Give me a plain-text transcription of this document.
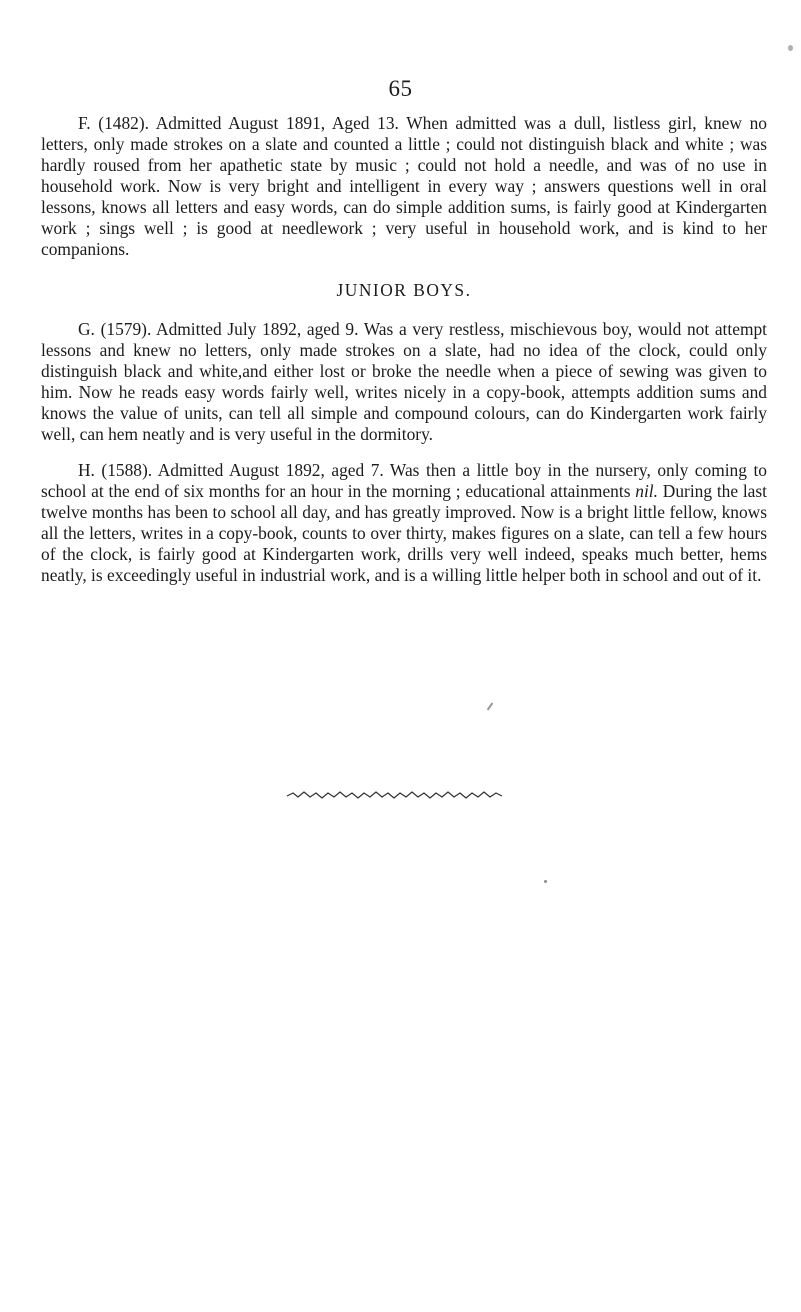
65

F. (1482). Admitted August 1891, Aged 13. When admitted was a dull, listless girl, knew no letters, only made strokes on a slate and counted a little ; could not distinguish black and white ; was hardly roused from her apathetic state by music ; could not hold a needle, and was of no use in household work. Now is very bright and intelligent in every way ; answers questions well in oral lessons, knows all letters and easy words, can do simple addition sums, is fairly good at Kindergarten work ; sings well ; is good at needlework ; very useful in household work, and is kind to her companions.

JUNIOR BOYS.

G. (1579). Admitted July 1892, aged 9. Was a very restless, mischievous boy, would not attempt lessons and knew no letters, only made strokes on a slate, had no idea of the clock, could only distinguish black and white,and either lost or broke the needle when a piece of sewing was given to him. Now he reads easy words fairly well, writes nicely in a copy-book, attempts addition sums and knows the value of units, can tell all simple and compound colours, can do Kindergarten work fairly well, can hem neatly and is very useful in the dormitory.

H. (1588). Admitted August 1892, aged 7. Was then a little boy in the nursery, only coming to school at the end of six months for an hour in the morning ; educational attainments nil. During the last twelve months has been to school all day, and has greatly improved. Now is a bright little fellow, knows all the letters, writes in a copy-book, counts to over thirty, makes figures on a slate, can tell a few hours of the clock, is fairly good at Kindergarten work, drills very well indeed, speaks much better, hems neatly, is exceedingly useful in industrial work, and is a willing little helper both in school and out of it.
